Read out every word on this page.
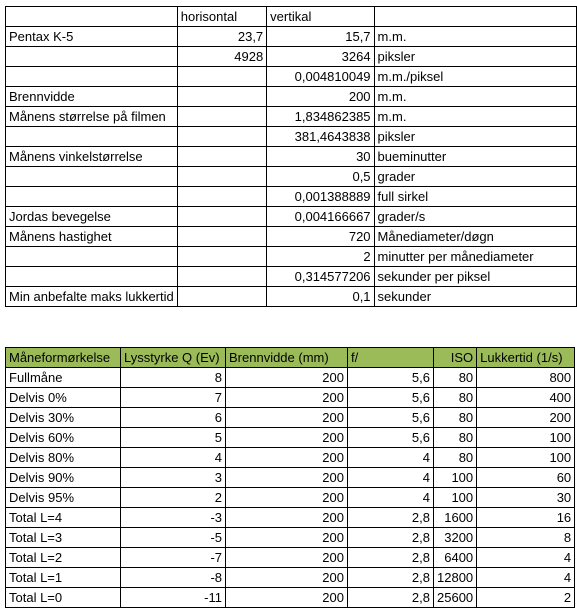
	horisontal	vertikal	
Pentax K-5	23,7	15,7	m.m.
	4928	3264	piksler
		0,004810049	m.m./piksel
Brennvidde		200	m.m.
Månens størrelse på filmen		1,834862385	m.m.
		381,4643838	piksler
Månens vinkelstørrelse		30	bueminutter
		0,5	grader
		0,001388889	full sirkel
Jordas bevegelse		0,004166667	grader/s
Månens hastighet		720	Månediameter/døgn
		2	minutter per månediameter
		0,314577206	sekunder per piksel
Min anbefalte maks lukkertid		0,1	sekunder
Måneformørkelse	Lysstyrke Q (Ev)	Brennvidde (mm)	f/	ISO	Lukkertid (1/s)
Fullmåne	8	200	5,6	80	800
Delvis 0%	7	200	5,6	80	400
Delvis 30%	6	200	5,6	80	200
Delvis 60%	5	200	5,6	80	100
Delvis 80%	4	200	4	80	100
Delvis 90%	3	200	4	100	60
Delvis 95%	2	200	4	100	30
Total L=4	-3	200	2,8	1600	16
Total L=3	-5	200	2,8	3200	8
Total L=2	-7	200	2,8	6400	4
Total L=1	-8	200	2,8	12800	4
Total L=0	-11	200	2,8	25600	2
